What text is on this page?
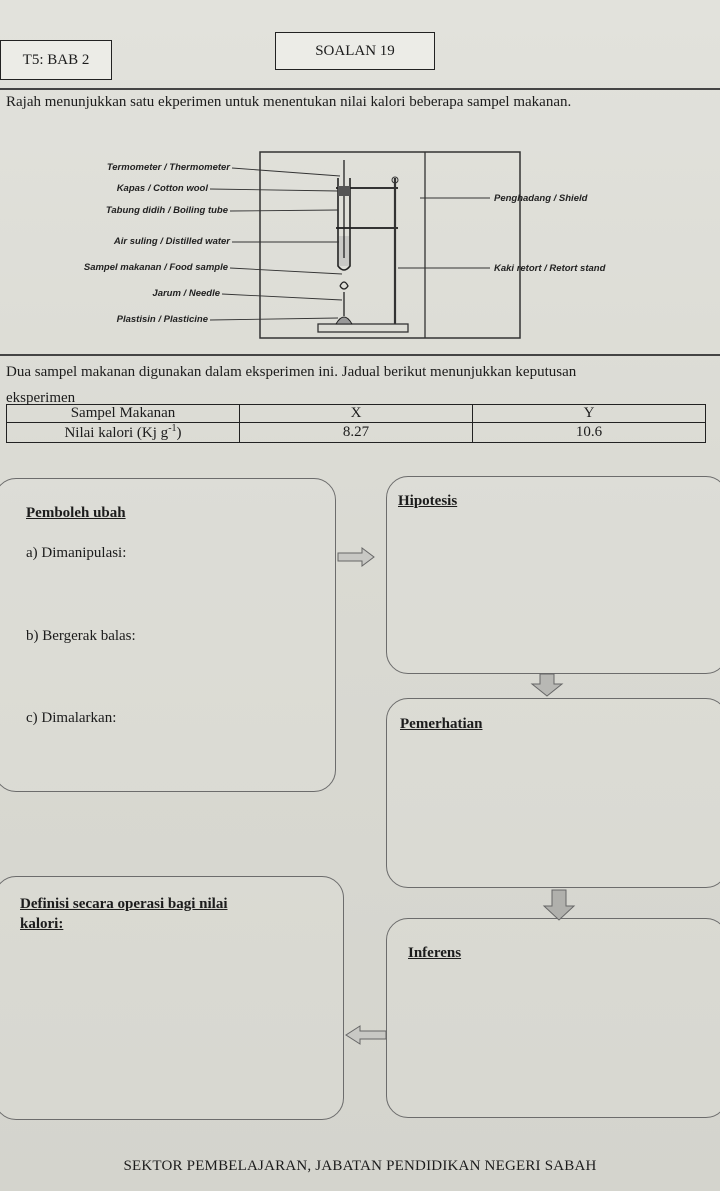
T5: BAB 2
SOALAN 19
Rajah menunjukkan satu ekperimen untuk menentukan nilai kalori beberapa sampel makanan.
Termometer / Thermometer
Kapas / Cotton wool
Tabung didih / Boiling tube
Air suling / Distilled water
Sampel makanan / Food sample
Jarum / Needle
Plastisin / Plasticine
Penghadang / Shield
Kaki retort / Retort stand
Dua sampel makanan digunakan dalam eksperimen ini. Jadual berikut menunjukkan keputusan
eksperimen
Sampel Makanan	X	Y
Nilai kalori (Kj $g^{-1}$)	8.27	10.6
Pemboleh ubah
a) Dimanipulasi:
b) Bergerak balas:
c) Dimalarkan:
Hipotesis
Pemerhatian
Definisi secara operasi bagi nilai
kalori:
Inferens
SEKTOR PEMBELAJARAN, JABATAN PENDIDIKAN NEGERI SABAH
